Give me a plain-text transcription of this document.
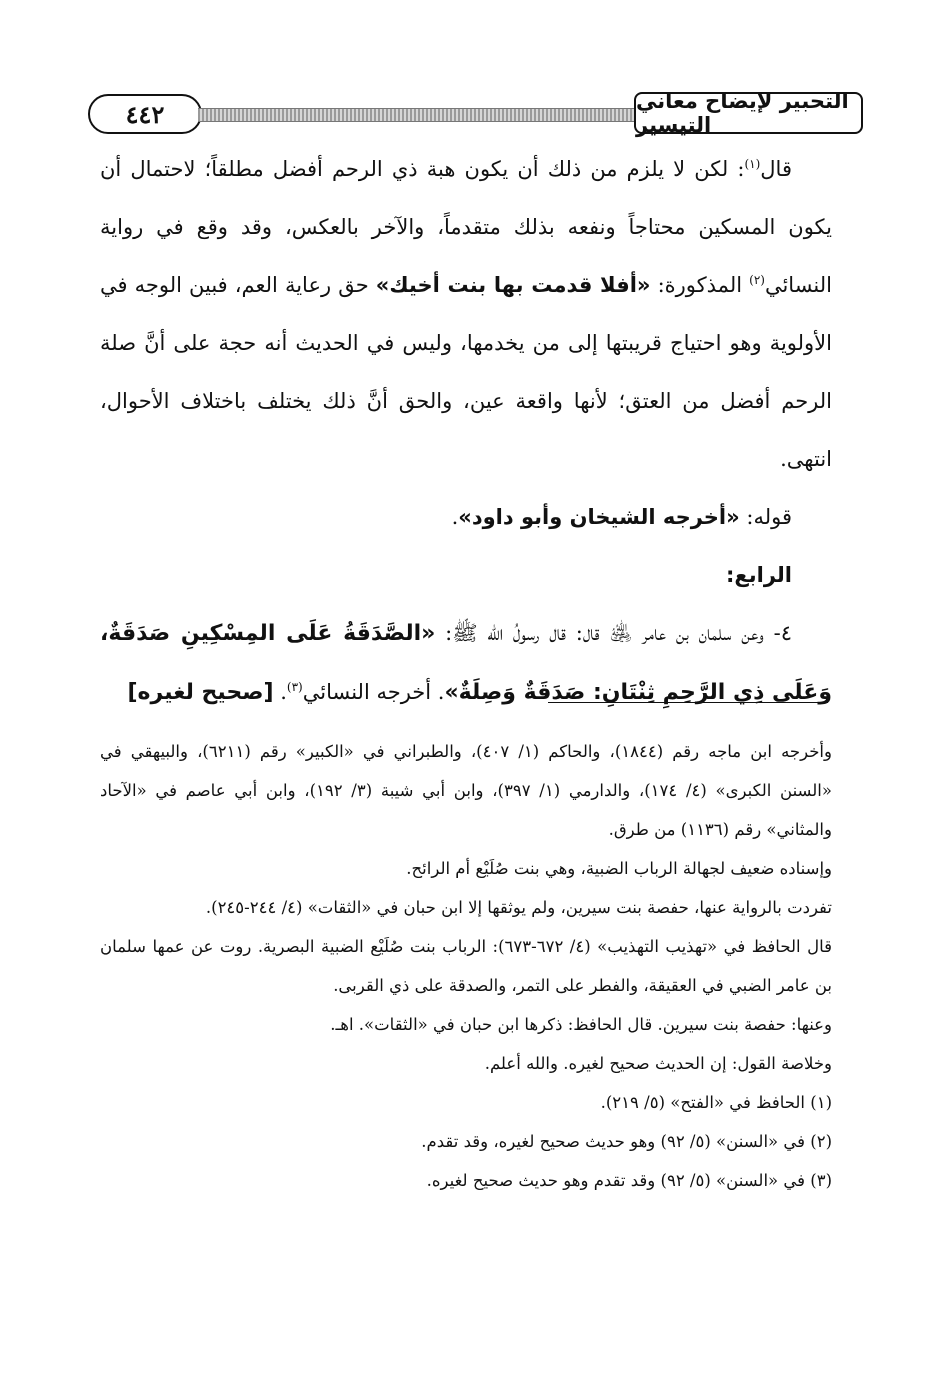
٤٤٢	التحبير لإيضاح معاني التيسير

قال$^{(١)}$: لكن لا يلزم من ذلك أن يكون هبة ذي الرحم أفضل مطلقاً؛ لاحتمال أن يكون المسكين محتاجاً ونفعه بذلك متقدماً، والآخر بالعكس، وقد وقع في رواية النسائي$^{(٢)}$ المذكورة: «أفلا قدمت بها بنت أخيك» حق رعاية العم، فبين الوجه في الأولوية وهو احتياج قريبتها إلى من يخدمها، وليس في الحديث أنه حجة على أنَّ صلة الرحم أفضل من العتق؛ لأنها واقعة عين، والحق أنَّ ذلك يختلف باختلاف الأحوال، انتهى.

قوله: «أخرجه الشيخان وأبو داود».

الرابع:

٤- وعن سلمان بن عامر ﵁ قال: قال رسولُ الله ﷺ: «الصَّدَقَةُ عَلَى المِسْكِينِ صَدَقَةٌ، وَعَلَى ذِي الرَّحِمِ ثِنْتَانِ: صَدَقَةٌ وَصِلَةٌ». أخرجه النسائي$^{(٣)}$. [صحيح لغيره]

وأخرجه ابن ماجه رقم (١٨٤٤)، والحاكم (١/ ٤٠٧)، والطبراني في «الكبير» رقم (٦٢١١)، والبيهقي في «السنن الكبرى» (٤/ ١٧٤)، والدارمي (١/ ٣٩٧)، وابن أبي شيبة (٣/ ١٩٢)، وابن أبي عاصم في «الآحاد والمثاني» رقم (١١٣٦) من طرق.

وإسناده ضعيف لجهالة الرباب الضبية، وهي بنت صُلَيْع أم الرائح.

تفردت بالرواية عنها، حفصة بنت سيرين، ولم يوثقها إلا ابن حبان في «الثقات» (٤/ ٢٤٤-٢٤٥).

قال الحافظ في «تهذيب التهذيب» (٤/ ٦٧٢-٦٧٣): الرباب بنت صُلَيْع الضبية البصرية. روت عن عمها سلمان بن عامر الضبي في العقيقة، والفطر على التمر، والصدقة على ذي القربى.

وعنها: حفصة بنت سيرين. قال الحافظ: ذكرها ابن حبان في «الثقات». اهـ.

وخلاصة القول: إن الحديث صحيح لغيره. والله أعلم.

(١) الحافظ في «الفتح» (٥/ ٢١٩).

(٢) في «السنن» (٥/ ٩٢) وهو حديث صحيح لغيره، وقد تقدم.

(٣) في «السنن» (٥/ ٩٢) وقد تقدم وهو حديث صحيح لغيره.
